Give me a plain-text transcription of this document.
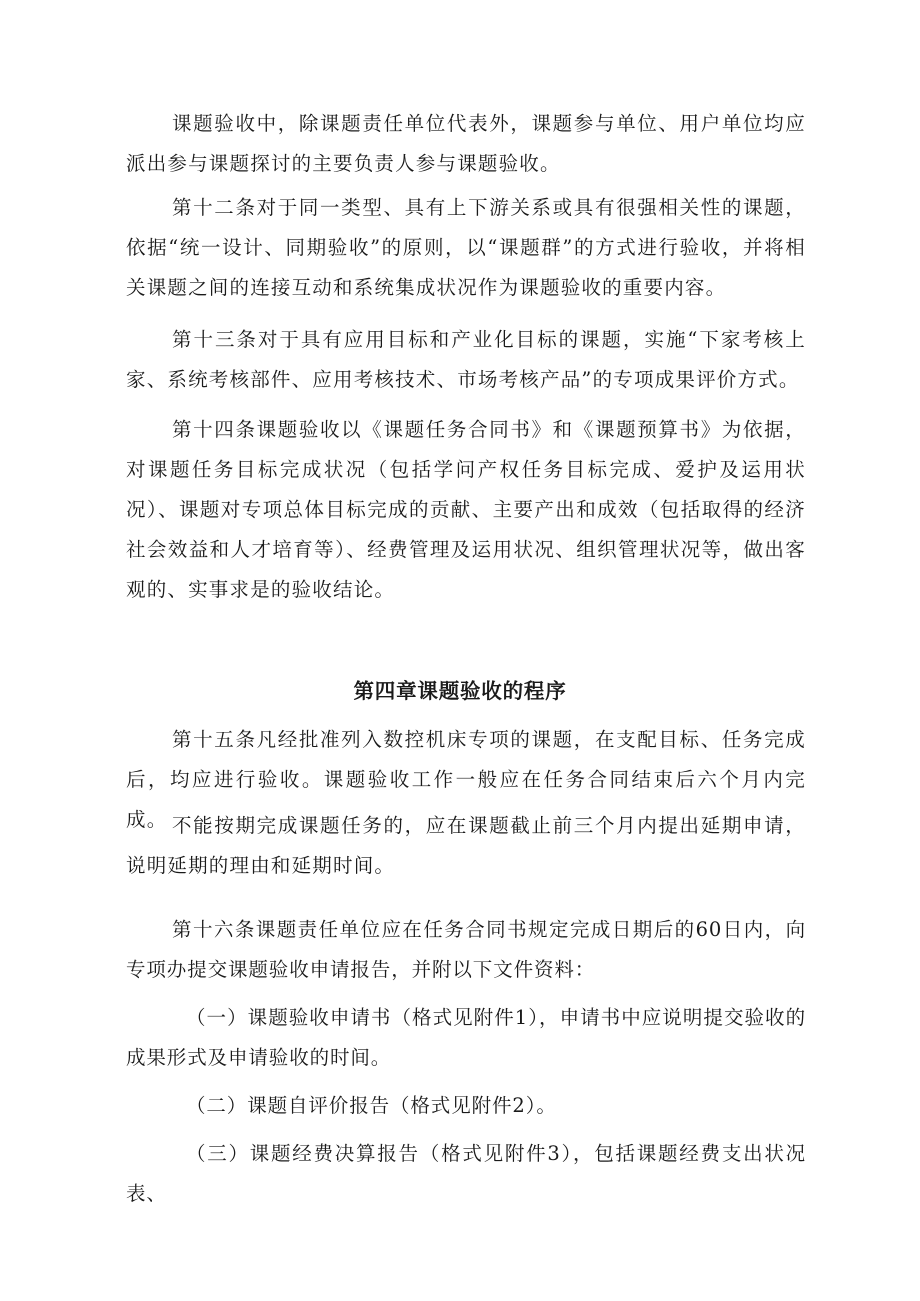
课题验收中，除课题责任单位代表外，课题参与单位、用户单位均应派出参与课题探讨的主要负责人参与课题验收。

第十二条对于同一类型、具有上下游关系或具有很强相关性的课题，依据“统一设计、同期验收”的原则，以“课题群”的方式进行验收，并将相关课题之间的连接互动和系统集成状况作为课题验收的重要内容。

第十三条对于具有应用目标和产业化目标的课题，实施“下家考核上家、系统考核部件、应用考核技术、市场考核产品”的专项成果评价方式。

第十四条课题验收以《课题任务合同书》和《课题预算书》为依据，对课题任务目标完成状况（包括学问产权任务目标完成、爱护及运用状况）、课题对专项总体目标完成的贡献、主要产出和成效（包括取得的经济社会效益和人才培育等）、经费管理及运用状况、组织管理状况等，做出客观的、实事求是的验收结论。

第四章课题验收的程序

第十五条凡经批准列入数控机床专项的课题，在支配目标、任务完成后，均应进行验收。课题验收工作一般应在任务合同结束后六个月内完成。 不能按期完成课题任务的，应在课题截止前三个月内提出延期申请，说明延期的理由和延期时间。

第十六条课题责任单位应在任务合同书规定完成日期后的60日内，向专项办提交课题验收申请报告，并附以下文件资料：

（一）课题验收申请书（格式见附件1），申请书中应说明提交验收的成果形式及申请验收的时间。

（二）课题自评价报告（格式见附件2）。

（三）课题经费决算报告（格式见附件3），包括课题经费支出状况表、
